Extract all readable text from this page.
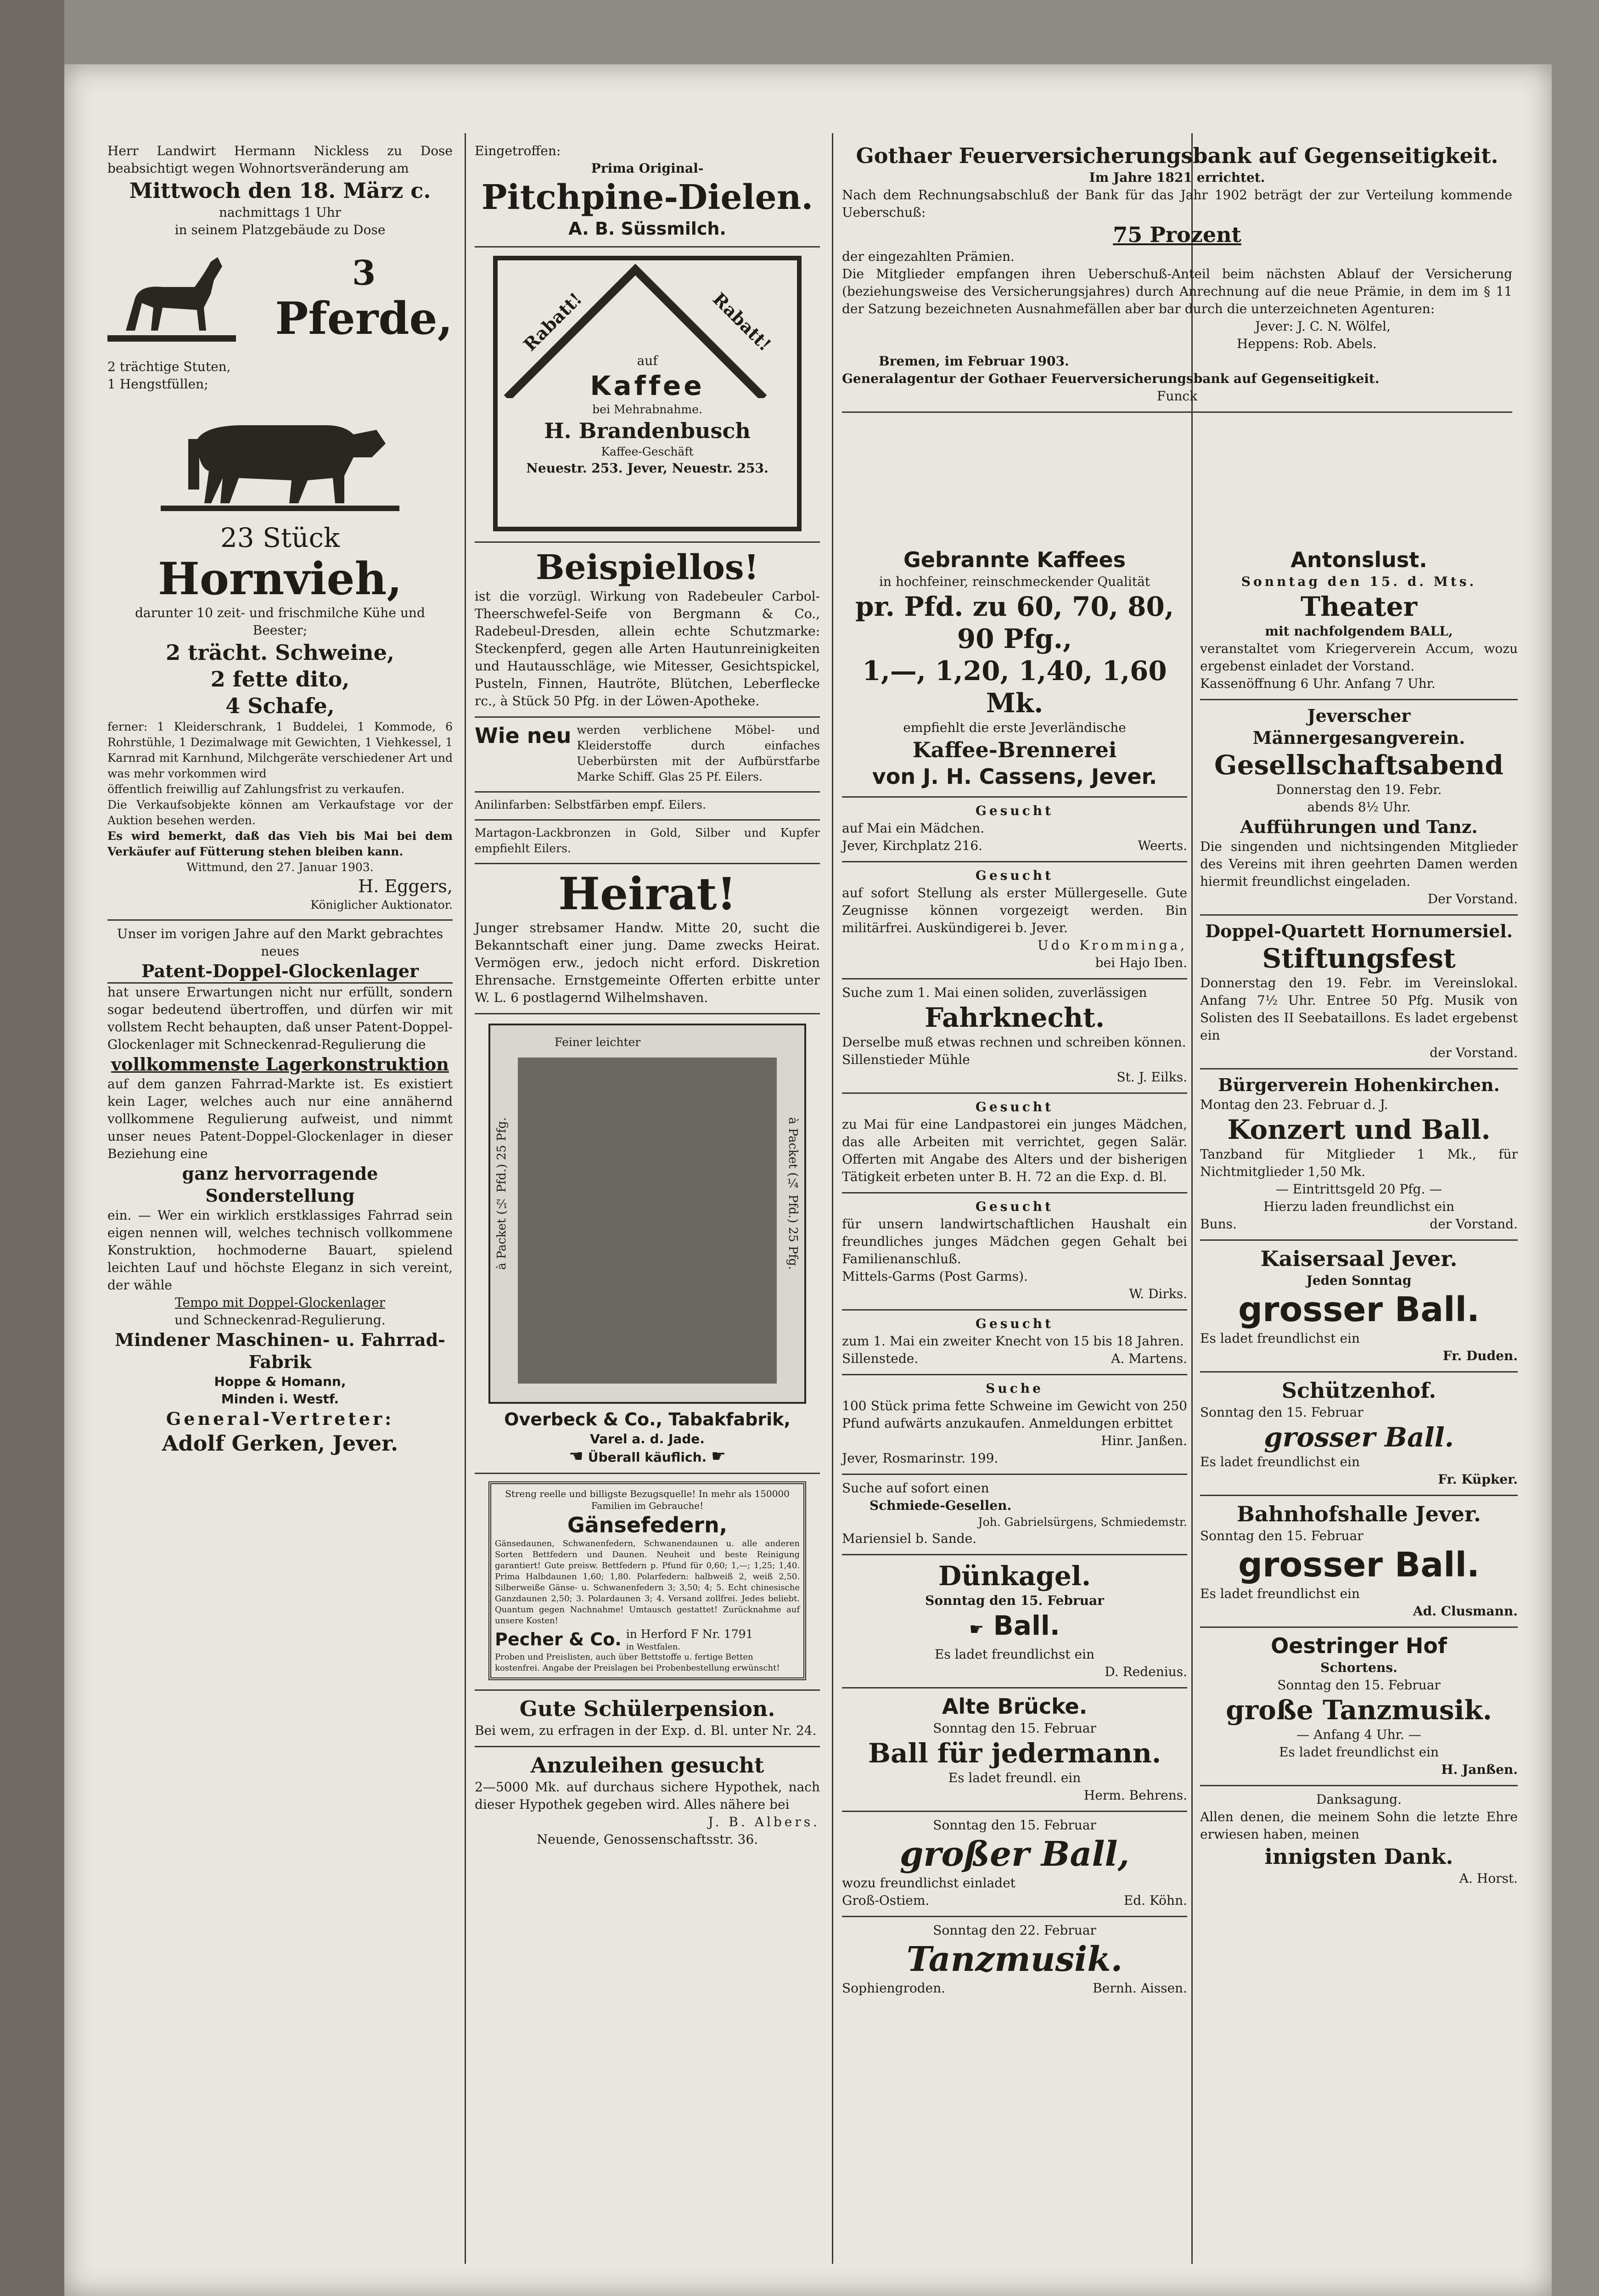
Herr Landwirt Hermann Nickless zu Dose beabsichtigt wegen Wohnortsveränderung am
Mittwoch den 18. März c.
nachmittags 1 Uhr
in seinem Platzgebäude zu Dose
3
Pferde,
2 trächtige Stuten,
1 Hengstfüllen;
23 Stück
Hornvieh,
darunter 10 zeit- und frischmilche Kühe und Beester;
2 trächt. Schweine,
2 fette dito,
4 Schafe,
ferner: 1 Kleiderschrank, 1 Buddelei, 1 Kommode, 6 Rohrstühle, 1 Dezimalwage mit Gewichten, 1 Viehkessel, 1 Karnrad mit Karnhund, Milchgeräte verschiedener Art und was mehr vorkommen wird
öffentlich freiwillig auf Zahlungsfrist zu verkaufen.
Die Verkaufsobjekte können am Verkaufstage vor der Auktion besehen werden.
Es wird bemerkt, daß das Vieh bis Mai bei dem Verkäufer auf Fütterung stehen bleiben kann.
Wittmund, den 27. Januar 1903.
H. Eggers,
Königlicher Auktionator.
Unser im vorigen Jahre auf den Markt gebrachtes neues
Patent-Doppel-Glockenlager
hat unsere Erwartungen nicht nur erfüllt, sondern sogar bedeutend übertroffen, und dürfen wir mit vollstem Recht behaupten, daß unser Patent-Doppel-Glockenlager mit Schneckenrad-Regulierung die
vollkommenste Lagerkonstruktion
auf dem ganzen Fahrrad-Markte ist. Es existiert kein Lager, welches auch nur eine annähernd vollkommene Regulierung aufweist, und nimmt unser neues Patent-Doppel-Glockenlager in dieser Beziehung eine
ganz hervorragende Sonderstellung
ein. — Wer ein wirklich erstklassiges Fahrrad sein eigen nennen will, welches technisch vollkommene Konstruktion, hochmoderne Bauart, spielend leichten Lauf und höchste Eleganz in sich vereint, der wähle
Tempo mit Doppel-Glockenlager
und Schneckenrad-Regulierung.
Mindener Maschinen- u. Fahrrad-Fabrik
Hoppe & Homann,
Minden i. Westf.
General-Vertreter:
Adolf Gerken, Jever.
Eingetroffen:
Prima Original-
Pitchpine-Dielen.
A. B. Süssmilch.
Rabatt!	Rabatt!
auf
Kaffee
bei Mehrabnahme.
H. Brandenbusch
Kaffee-Geschäft
Neuestr. 253. Jever, Neuestr. 253.
Beispiellos!
ist die vorzügl. Wirkung von Radebeuler Carbol-Theerschwefel-Seife von Bergmann & Co., Radebeul-Dresden, allein echte Schutzmarke: Steckenpferd, gegen alle Arten Hautunreinigkeiten und Hautausschläge, wie Mitesser, Gesichtspickel, Pusteln, Finnen, Hautröte, Blütchen, Leberflecke rc., à Stück 50 Pfg. in der Löwen-Apotheke.
Wie neu werden verblichene Möbel- und Kleiderstoffe durch einfaches Ueberbürsten mit der Aufbürstfarbe Marke Schiff. Glas 25 Pf. Eilers.
Anilinfarben: Selbstfärben empf. Eilers.
Martagon-Lackbronzen in Gold, Silber und Kupfer empfiehlt Eilers.
Heirat!
Junger strebsamer Handw. Mitte 20, sucht die Bekanntschaft einer jung. Dame zwecks Heirat. Vermögen erw., jedoch nicht erford. Diskretion Ehrensache. Ernstgemeinte Offerten erbitte unter W. L. 6 postlagernd Wilhelmshaven.
Feiner leichter
à Packet (½ Pfd.) 25 Pfg.	à Packet (¼ Pfd.) 25 Pfg.
Overbeck & Co., Tabakfabrik,
Varel a. d. Jade.
☚ Überall käuflich. ☛
Streng reelle und billigste Bezugsquelle! In mehr als 150000 Familien im Gebrauche!
Gänsefedern,
Gänsedaunen, Schwanenfedern, Schwanendaunen u. alle anderen Sorten Bettfedern und Daunen. Neuheit und beste Reinigung garantiert! Gute preisw. Bettfedern p. Pfund für 0,60; 1,—; 1,25; 1,40. Prima Halbdaunen 1,60; 1,80. Polarfedern: halbweiß 2, weiß 2,50. Silberweiße Gänse- u. Schwanenfedern 3; 3,50; 4; 5. Echt chinesische Ganzdaunen 2,50; 3. Polardaunen 3; 4. Versand zollfrei. Jedes beliebt. Quantum gegen Nachnahme! Umtausch gestattet! Zurücknahme auf unsere Kosten!
Pecher & Co. in Herford F Nr. 1791
in Westfalen.
Proben und Preislisten, auch über Bettstoffe u. fertige Betten kostenfrei. Angabe der Preislagen bei Probenbestellung erwünscht!
Gute Schülerpension.
Bei wem, zu erfragen in der Exp. d. Bl. unter Nr. 24.
Anzuleihen gesucht
2—5000 Mk. auf durchaus sichere Hypothek, nach dieser Hypothek gegeben wird. Alles nähere bei
J. B. Albers.
Neuende, Genossenschaftsstr. 36.
Gothaer Feuerversicherungsbank auf Gegenseitigkeit.
Im Jahre 1821 errichtet.
Nach dem Rechnungsabschluß der Bank für das Jahr 1902 beträgt der zur Verteilung kommende Ueberschuß:
75 Prozent
der eingezahlten Prämien.
Die Mitglieder empfangen ihren Ueberschuß-Anteil beim nächsten Ablauf der Versicherung (beziehungsweise des Versicherungsjahres) durch Anrechnung auf die neue Prämie, in dem im § 11 der Satzung bezeichneten Ausnahmefällen aber bar durch die unterzeichneten Agenturen:
Jever: J. C. N. Wölfel,
Heppens: Rob. Abels.
Bremen, im Februar 1903.
Generalagentur der Gothaer Feuerversicherungsbank auf Gegenseitigkeit.
Funck
Gebrannte Kaffees
in hochfeiner, reinschmeckender Qualität
pr. Pfd. zu 60, 70, 80, 90 Pfg.,
1,—, 1,20, 1,40, 1,60 Mk.
empfiehlt die erste Jeverländische
Kaffee-Brennerei
von J. H. Cassens, Jever.
Gesucht
auf Mai ein Mädchen.
Jever, Kirchplatz 216.	Weerts.
Gesucht
auf sofort Stellung als erster Müllergeselle. Gute Zeugnisse können vorgezeigt werden. Bin militärfrei. Auskündigerei b. Jever.
Udo Kromminga,
bei Hajo Iben.
Suche zum 1. Mai einen soliden, zuverlässigen
Fahrknecht.
Derselbe muß etwas rechnen und schreiben können.
Sillenstieder Mühle
St. J. Eilks.
Gesucht
zu Mai für eine Landpastorei ein junges Mädchen, das alle Arbeiten mit verrichtet, gegen Salär. Offerten mit Angabe des Alters und der bisherigen Tätigkeit erbeten unter B. H. 72 an die Exp. d. Bl.
Gesucht
für unsern landwirtschaftlichen Haushalt ein freundliches junges Mädchen gegen Gehalt bei Familienanschluß.
Mittels-Garms (Post Garms).
W. Dirks.
Gesucht
zum 1. Mai ein zweiter Knecht von 15 bis 18 Jahren.
Sillenstede.	A. Martens.
Suche
100 Stück prima fette Schweine im Gewicht von 250 Pfund aufwärts anzukaufen. Anmeldungen erbittet
Hinr. Janßen.
Jever, Rosmarinstr. 199.
Suche auf sofort einen
Schmiede-Gesellen.
Joh. Gabrielsürgens, Schmiedemstr.
Mariensiel b. Sande.
Dünkagel.
Sonntag den 15. Februar
☛ Ball.
Es ladet freundlichst ein
D. Redenius.
Alte Brücke.
Sonntag den 15. Februar
Ball für jedermann.
Es ladet freundl. ein
Herm. Behrens.
Sonntag den 15. Februar
großer Ball,
wozu freundlichst einladet
Groß-Ostiem.	Ed. Köhn.
Sonntag den 22. Februar
Tanzmusik.
Sophiengroden.	Bernh. Aissen.
Antonslust.
Sonntag den 15. d. Mts.
Theater
mit nachfolgendem BALL,
veranstaltet vom Kriegerverein Accum, wozu ergebenst einladet der Vorstand.
Kassenöffnung 6 Uhr. Anfang 7 Uhr.
Jeverscher Männergesangverein.
Gesellschaftsabend
Donnerstag den 19. Febr.
abends 8½ Uhr.
Aufführungen und Tanz.
Die singenden und nichtsingenden Mitglieder des Vereins mit ihren geehrten Damen werden hiermit freundlichst eingeladen.
Der Vorstand.
Doppel-Quartett Hornumersiel.
Stiftungsfest
Donnerstag den 19. Febr. im Vereinslokal. Anfang 7½ Uhr. Entree 50 Pfg. Musik von Solisten des II Seebataillons. Es ladet ergebenst ein
der Vorstand.
Bürgerverein Hohenkirchen.
Montag den 23. Februar d. J.
Konzert und Ball.
Tanzband für Mitglieder 1 Mk., für Nichtmitglieder 1,50 Mk.
— Eintrittsgeld 20 Pfg. —
Hierzu laden freundlichst ein
Buns.	der Vorstand.
Kaisersaal Jever.
Jeden Sonntag
grosser Ball.
Es ladet freundlichst ein
Fr. Duden.
Schützenhof.
Sonntag den 15. Februar
grosser Ball.
Es ladet freundlichst ein
Fr. Küpker.
Bahnhofshalle Jever.
Sonntag den 15. Februar
grosser Ball.
Es ladet freundlichst ein
Ad. Clusmann.
Oestringer Hof
Schortens.
Sonntag den 15. Februar
große Tanzmusik.
— Anfang 4 Uhr. —
Es ladet freundlichst ein
H. Janßen.
Danksagung.
Allen denen, die meinem Sohn die letzte Ehre erwiesen haben, meinen
innigsten Dank.
A. Horst.
